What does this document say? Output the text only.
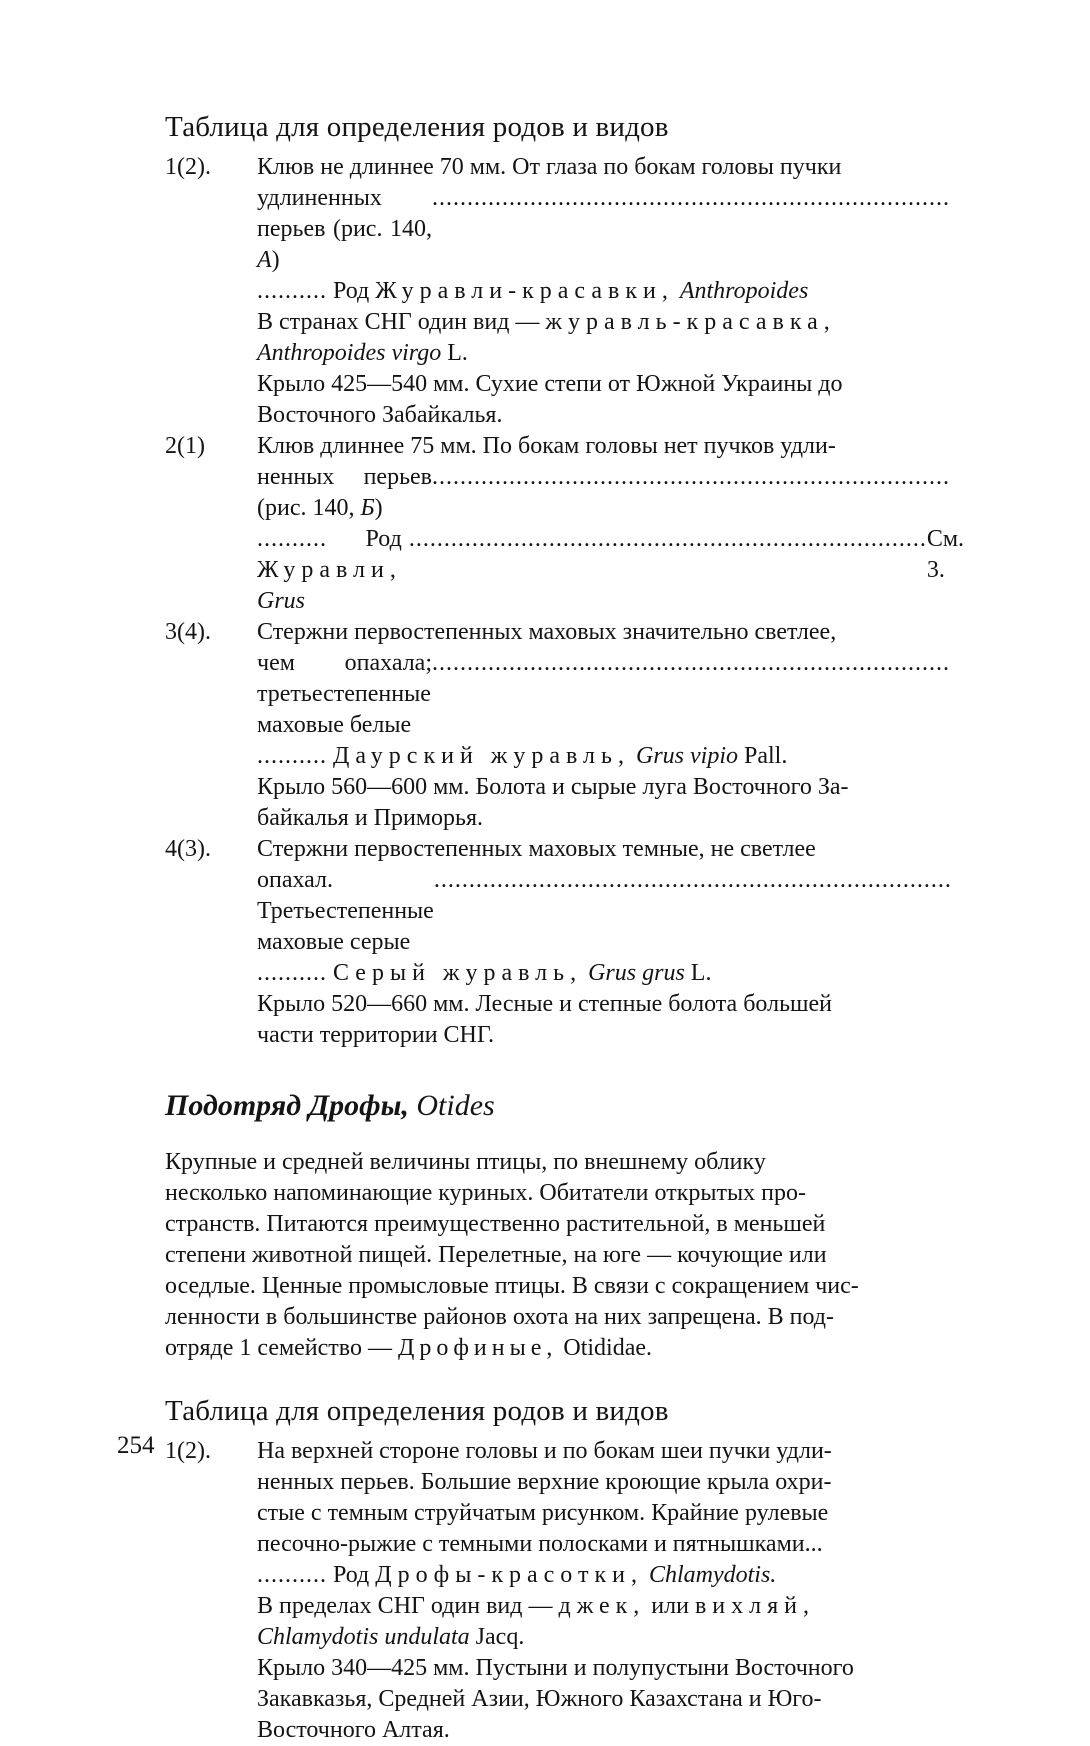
Таблица для определения родов и видов
1(2). Клюв не длиннее 70 мм. От глаза по бокам головы пучки
удлиненных перьев (рис. 140, А)
..........................................................................
.......... Род Журавли-красавки, Anthropoides
В странах СНГ один вид — журавль-красавка,
Anthropoides virgo L.
Крыло 425—540 мм. Сухие степи от Южной Украины до
Восточного Забайкалья.
2(1) Клюв длиннее 75 мм. По бокам головы нет пучков удли-
ненных перьев (рис. 140, Б)
..........................................................................
.......... Род Журавли, Grus
.......................................................................... См. 3.
3(4). Стержни первостепенных маховых значительно светлее,
чем опахала; третьестепенные маховые белые
..........................................................................
.......... Даурский журавль, Grus vipio Pall.
Крыло 560—600 мм. Болота и сырые луга Восточного За-
байкалья и Приморья.
4(3). Стержни первостепенных маховых темные, не светлее
опахал. Третьестепенные маховые серые
..........................................................................
.......... Серый журавль, Grus grus L.
Крыло 520—660 мм. Лесные и степные болота большей
части территории СНГ.
Подотряд Дрофы, Otides
Крупные и средней величины птицы, по внешнему облику
несколько напоминающие куриных. Обитатели открытых про-
странств. Питаются преимущественно растительной, в меньшей
степени животной пищей. Перелетные, на юге — кочующие или
оседлые. Ценные промысловые птицы. В связи с сокращением чис-
ленности в большинстве районов охота на них запрещена. В под-
отряде 1 семейство — Дрофиные, Otididae.
Таблица для определения родов и видов
1(2). На верхней стороне головы и по бокам шеи пучки удли-
ненных перьев. Большие верхние кроющие крыла охри-
стые с темным струйчатым рисунком. Крайние рулевые
песочно-рыжие с темными полосками и пятнышками...
.......... Род Дрофы-красотки, Chlamydotis.
В пределах СНГ один вид — джек, или вихляй,
Chlamydotis undulata Jacq.
Крыло 340—425 мм. Пустыни и полупустыни Восточного
Закавказья, Средней Азии, Южного Казахстана и Юго-
Восточного Алтая.
254
